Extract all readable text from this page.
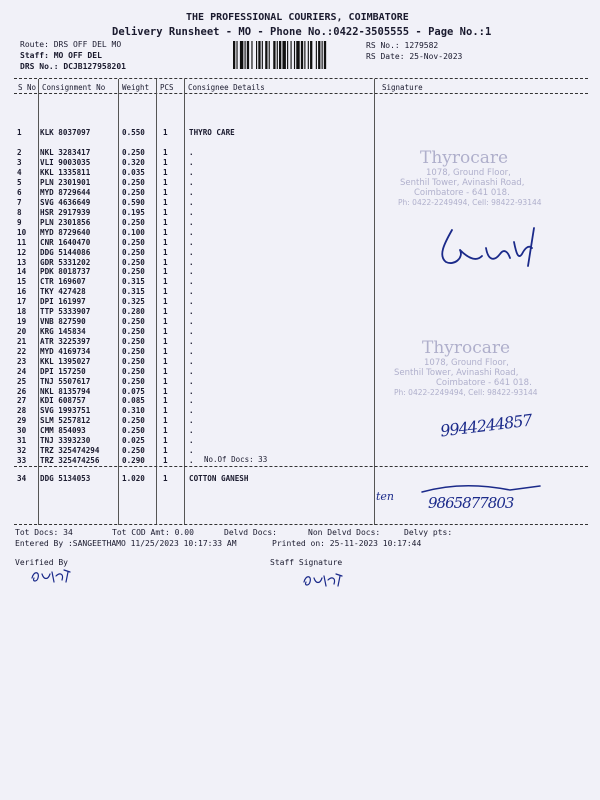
THE PROFESSIONAL COURIERS, COIMBATORE
Delivery Runsheet - MO - Phone No.:0422-3505555 - Page No.:1
Route: DRS OFF DEL MO
Staff: MO OFF DEL
DRS No.: DCJB127958201
RS No.: 1279582
RS Date: 25-Nov-2023
S No Consignment No Weight PCS Consignee Details	Signature
1 KLK 8037097	0.550 1	THYRO CARE
2 NKL 3283417	0.250 1	.
3 VLI 9003035	0.320 1	.
4 KKL 1335811	0.035 1	.
5 PLN 2301901	0.250 1	.
6 MYD 8729644	0.250 1	.
7 SVG 4636649	0.590 1	.
8 HSR 2917939	0.195 1	.
9 PLN 2301856	0.250 1	.
10 MYD 8729640	0.100 1	.
11 CNR 1640470	0.250 1	.
12 DDG 5144086	0.250 1	.
13 GDR 5331202	0.250 1	.
14 PDK 8018737	0.250 1	.
15 CTR 169607	0.315 1	.
16 TKY 427428	0.315 1	.
17 DPI 161997	0.325 1	.
18 TTP 5333907	0.280 1	.
19 VNB 827590	0.250 1	.
20 KRG 145834	0.250 1	.
21 ATR 3225397	0.250 1	.
22 MYD 4169734	0.250 1	.
23 KKL 1395027	0.250 1	.
24 DPI 157250	0.250 1	.
25 TNJ 5507617	0.250 1	.
26 NKL 8135794	0.075 1	.
27 KDI 608757	0.085 1	.
28 SVG 1993751	0.310 1	.
29 SLM 5257812	0.250 1	.
30 CMM 854093	0.250 1	.
31 TNJ 3393230	0.025 1	.
32 TRZ 325474294	0.250 1	.
33 TRZ 325474256	0.290 1	. No.Of Docs: 33
34 DDG 5134053	1.020 1	COTTON GANESH
Thyrocare
1078, Ground Floor,
Senthil Tower, Avinashi Road,
Coimbatore - 641 018.
Ph: 0422-2249494, Cell: 98422-93144
Thyrocare
1078, Ground Floor,
Senthil Tower, Avinashi Road,
Coimbatore - 641 018.
Ph: 0422-2249494, Cell: 98422-93144
9944244857
ten 9865877803
Tot Docs: 34	Tot COD Amt: 0.00	Delvd Docs:	Non Delvd Docs:	Delvy pts:
Entered By :SANGEETHAMO 11/25/2023 10:17:33 AM	Printed on: 25-11-2023 10:17:44
Verified By	Staff Signature
